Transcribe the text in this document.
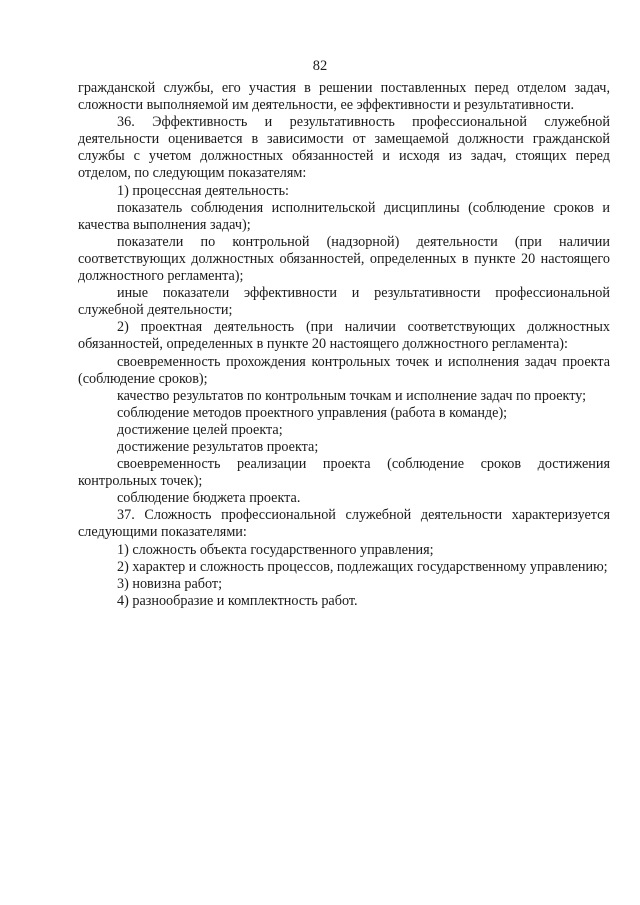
82

гражданской службы, его участия в решении поставленных перед отделом задач, сложности выполняемой им деятельности, ее эффективности и результативности.

36. Эффективность и результативность профессиональной служебной деятельности оценивается в зависимости от замещаемой должности гражданской службы с учетом должностных обязанностей и исходя из задач, стоящих перед отделом, по следующим показателям:

1) процессная деятельность:

показатель соблюдения исполнительской дисциплины (соблюдение сроков и качества выполнения задач);

показатели по контрольной (надзорной) деятельности (при наличии соответствующих должностных обязанностей, определенных в пункте 20 настоящего должностного регламента);

иные показатели эффективности и результативности профессиональной служебной деятельности;

2) проектная деятельность (при наличии соответствующих должностных обязанностей, определенных в пункте 20 настоящего должностного регламента):

своевременность прохождения контрольных точек и исполнения задач проекта (соблюдение сроков);

качество результатов по контрольным точкам и исполнение задач по проекту;

соблюдение методов проектного управления (работа в команде);

достижение целей проекта;

достижение результатов проекта;

своевременность реализации проекта (соблюдение сроков достижения контрольных точек);

соблюдение бюджета проекта.

37. Сложность профессиональной служебной деятельности характеризуется следующими показателями:

1) сложность объекта государственного управления;

2) характер и сложность процессов, подлежащих государственному управлению;

3) новизна работ;

4) разнообразие и комплектность работ.
